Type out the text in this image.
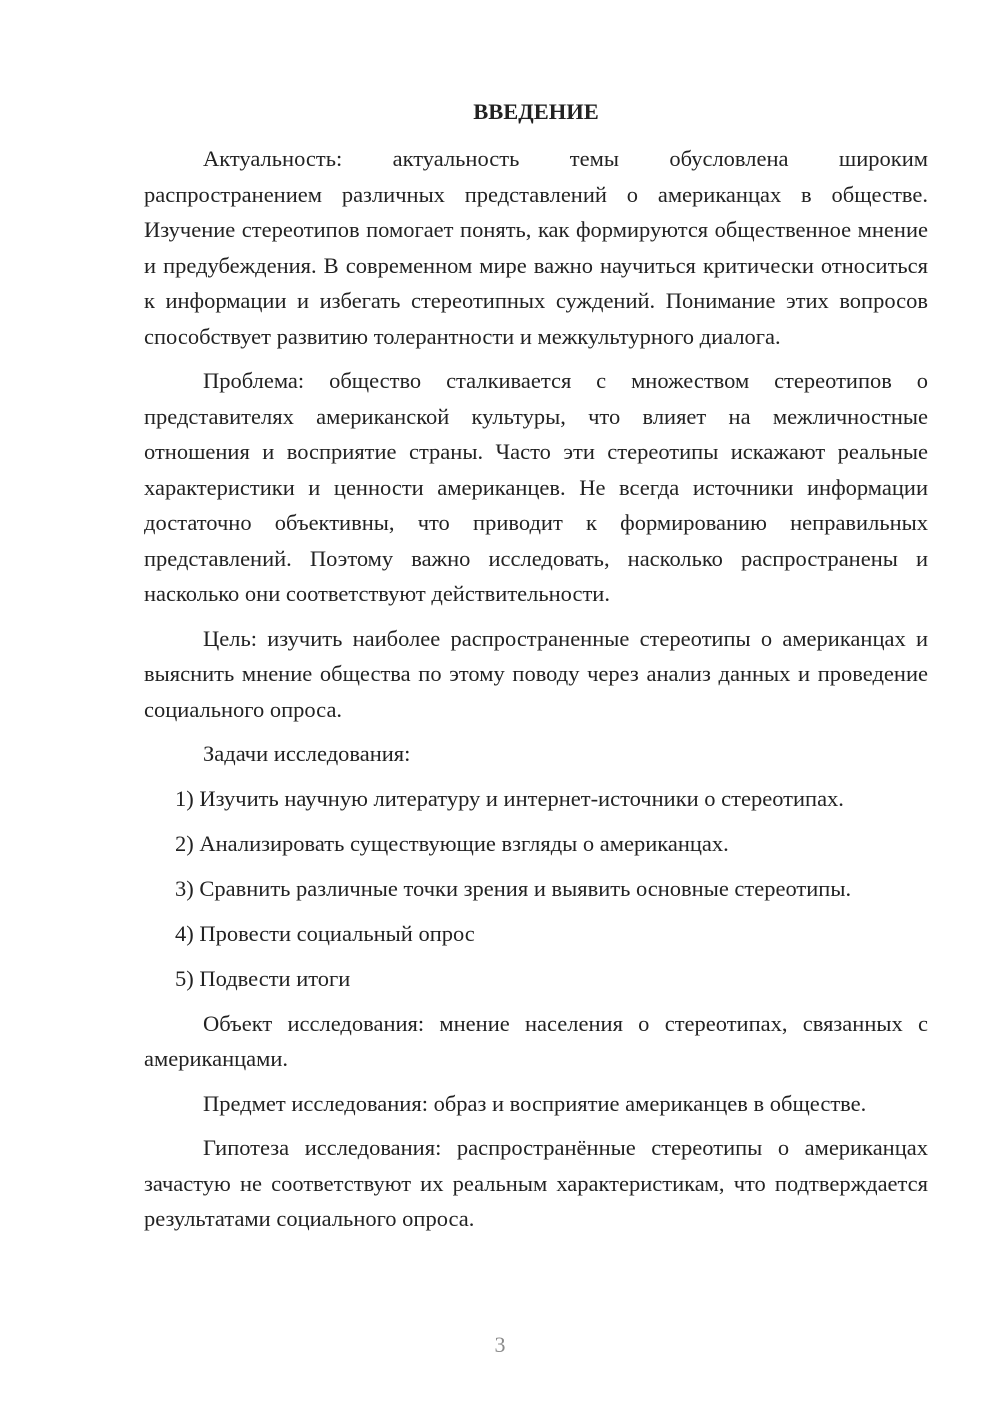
ВВЕДЕНИЕ

Актуальность: актуальность темы обусловлена широким распространением различных представлений о американцах в обществе. Изучение стереотипов помогает понять, как формируются общественное мнение и предубеждения. В современном мире важно научиться критически относиться к информации и избегать стереотипных суждений. Понимание этих вопросов способствует развитию толерантности и межкультурного диалога.

Проблема: общество сталкивается с множеством стереотипов о представителях американской культуры, что влияет на межличностные отношения и восприятие страны. Часто эти стереотипы искажают реальные характеристики и ценности американцев. Не всегда источники информации достаточно объективны, что приводит к формированию неправильных представлений. Поэтому важно исследовать, насколько распространены и насколько они соответствуют действительности.

Цель: изучить наиболее распространенные стереотипы о американцах и выяснить мнение общества по этому поводу через анализ данных и проведение социального опроса.

Задачи исследования:

1) Изучить научную литературу и интернет-источники о стереотипах.
2) Анализировать существующие взгляды о американцах.
3) Сравнить различные точки зрения и выявить основные стереотипы.
4) Провести социальный опрос
5) Подвести итоги

Объект исследования: мнение населения о стереотипах, связанных с американцами.

Предмет исследования: образ и восприятие американцев в обществе.

Гипотеза исследования: распространённые стереотипы о американцах зачастую не соответствуют их реальным характеристикам, что подтверждается результатами социального опроса.

3
